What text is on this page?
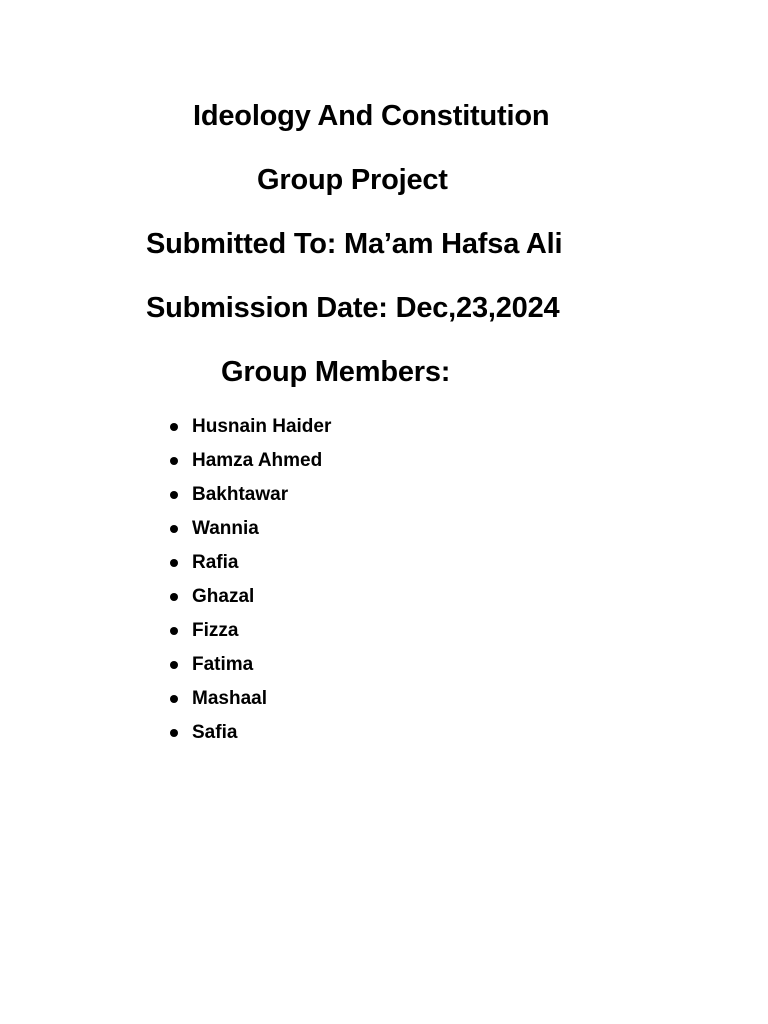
Ideology And Constitution
Group Project
Submitted To: Ma’am Hafsa Ali
Submission Date: Dec,23,2024
Group Members:
Husnain Haider
Hamza Ahmed
Bakhtawar
Wannia
Rafia
Ghazal
Fizza
Fatima
Mashaal
Safia
